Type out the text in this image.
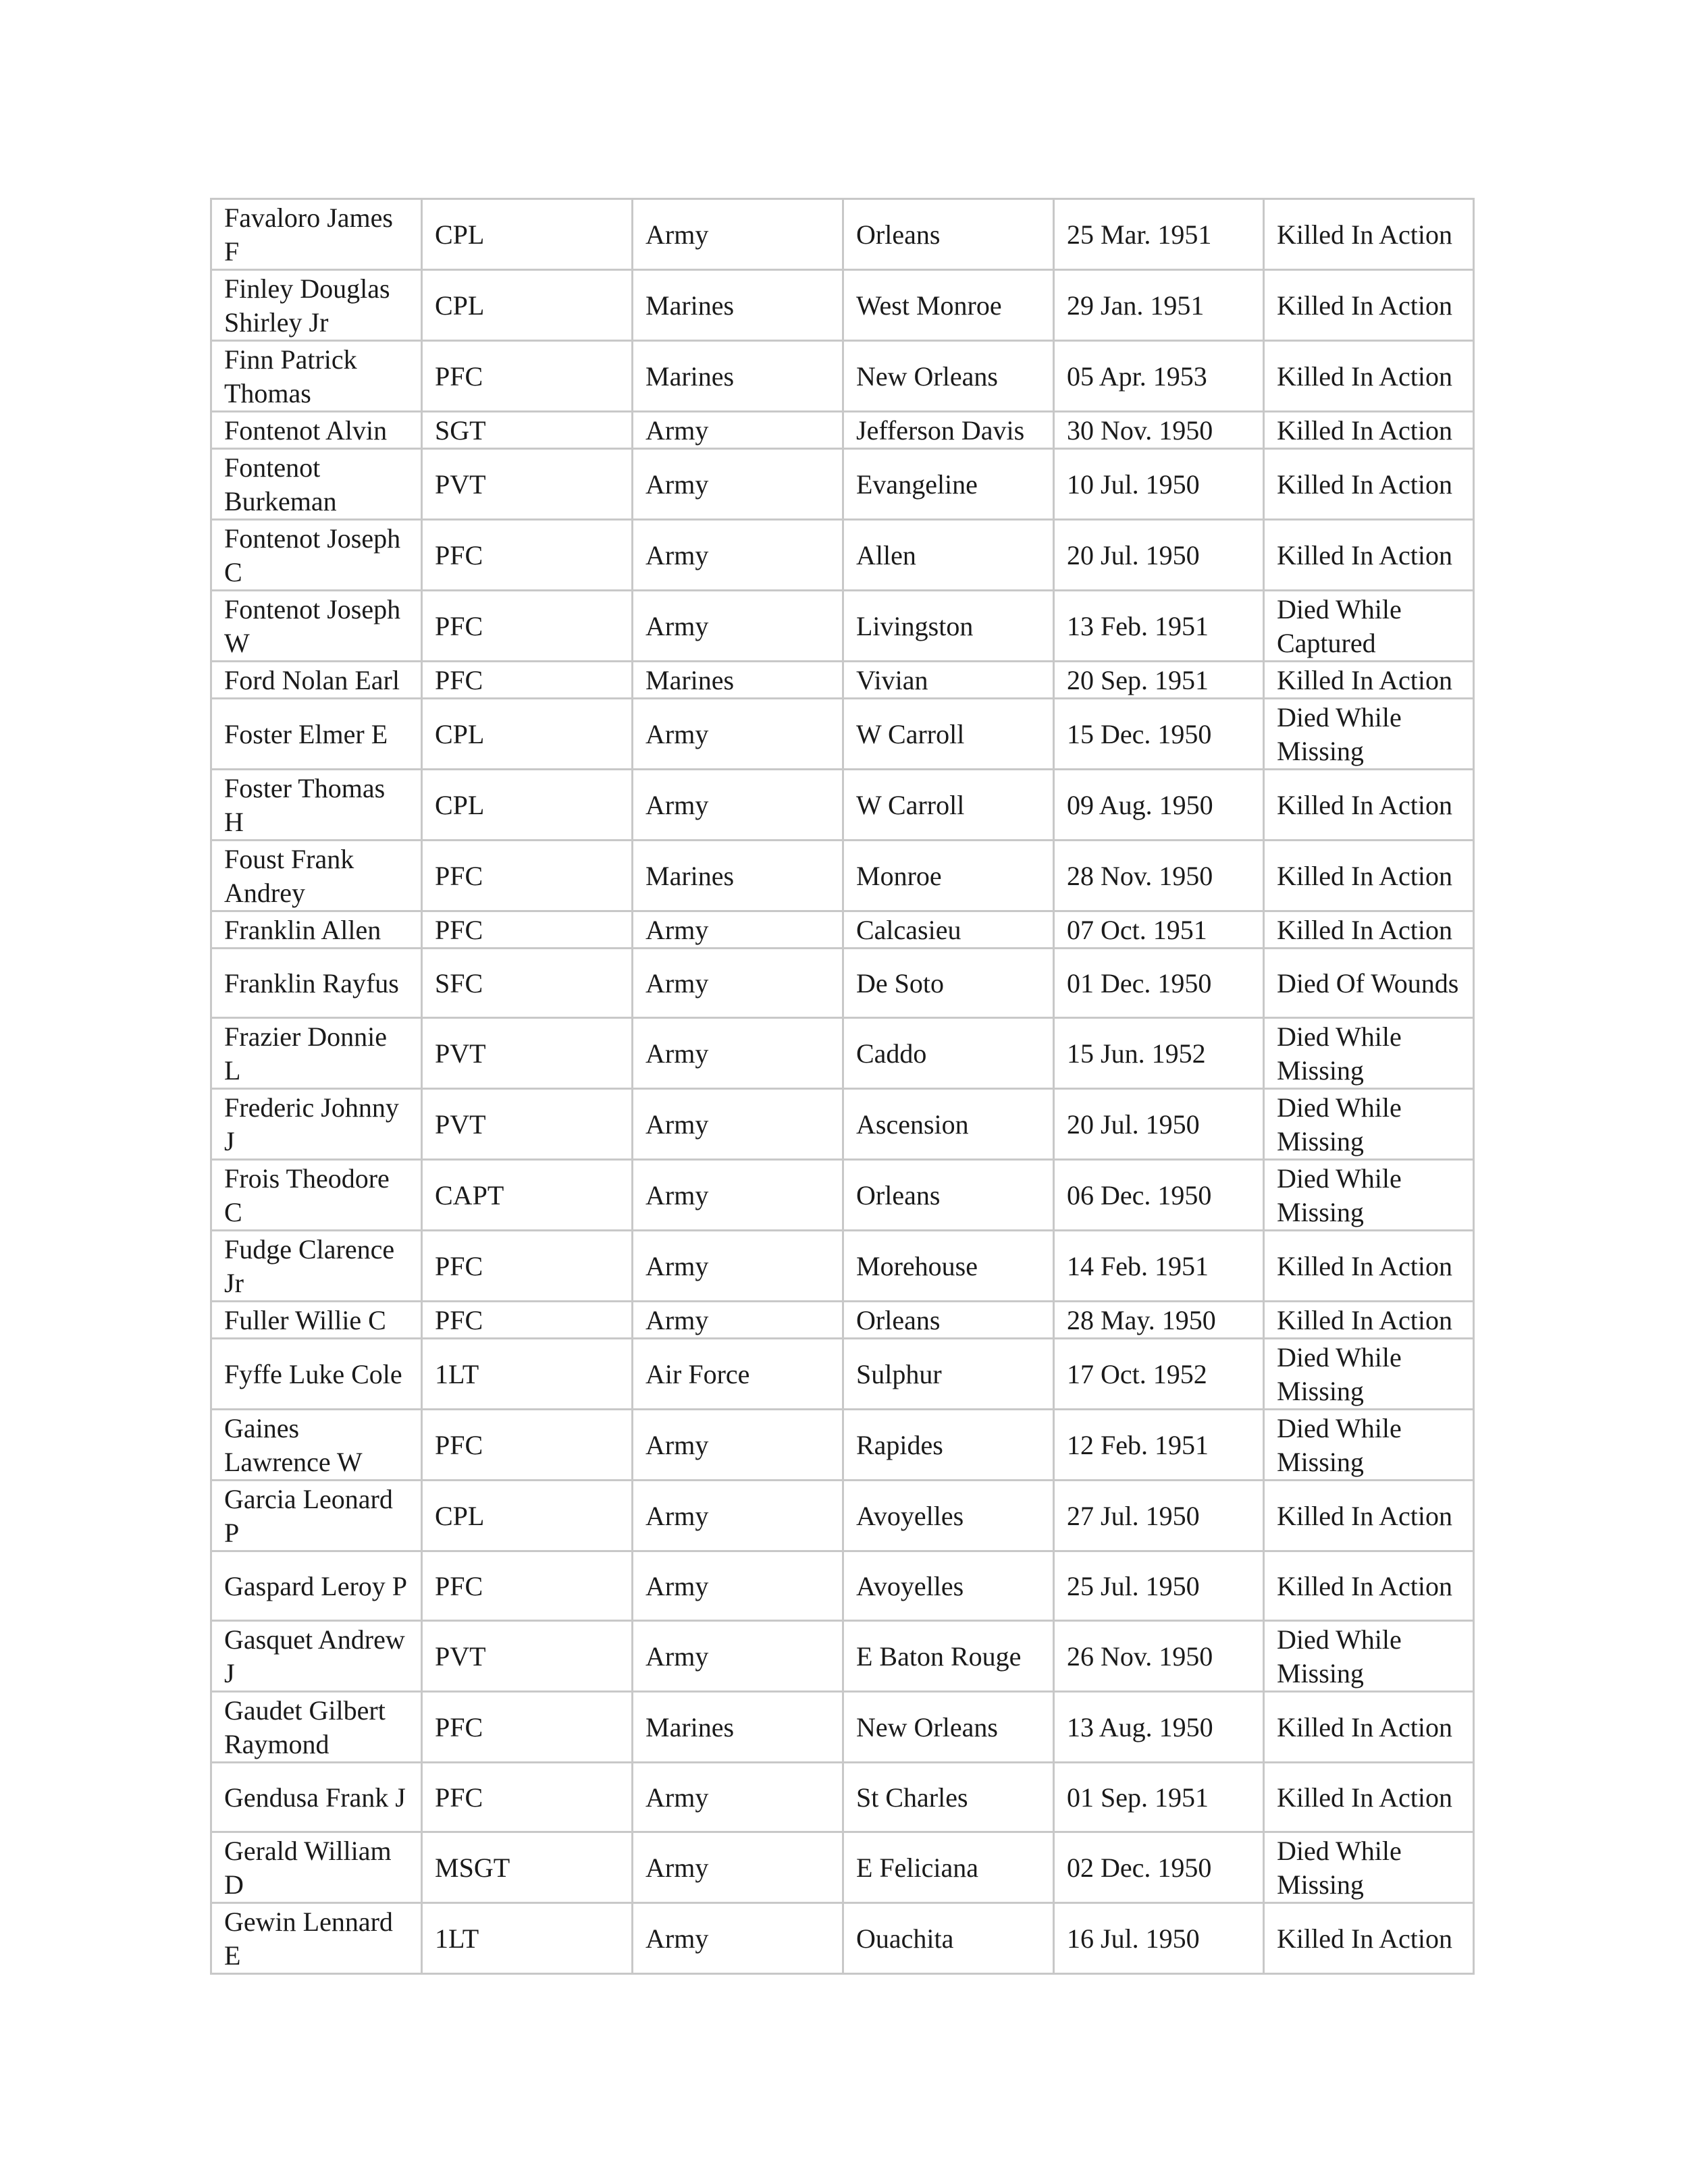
Favaloro James F	CPL	Army	Orleans	25 Mar. 1951	Killed In Action
Finley Douglas Shirley Jr	CPL	Marines	West Monroe	29 Jan. 1951	Killed In Action
Finn Patrick Thomas	PFC	Marines	New Orleans	05 Apr. 1953	Killed In Action
Fontenot Alvin	SGT	Army	Jefferson Davis	30 Nov. 1950	Killed In Action
Fontenot Burkeman	PVT	Army	Evangeline	10 Jul. 1950	Killed In Action
Fontenot Joseph C	PFC	Army	Allen	20 Jul. 1950	Killed In Action
Fontenot Joseph W	PFC	Army	Livingston	13 Feb. 1951	Died While Captured
Ford Nolan Earl	PFC	Marines	Vivian	20 Sep. 1951	Killed In Action
Foster Elmer E	CPL	Army	W Carroll	15 Dec. 1950	Died While Missing
Foster Thomas H	CPL	Army	W Carroll	09 Aug. 1950	Killed In Action
Foust Frank Andrey	PFC	Marines	Monroe	28 Nov. 1950	Killed In Action
Franklin Allen	PFC	Army	Calcasieu	07 Oct. 1951	Killed In Action
Franklin Rayfus	SFC	Army	De Soto	01 Dec. 1950	Died Of Wounds
Frazier Donnie L	PVT	Army	Caddo	15 Jun. 1952	Died While Missing
Frederic Johnny J	PVT	Army	Ascension	20 Jul. 1950	Died While Missing
Frois Theodore C	CAPT	Army	Orleans	06 Dec. 1950	Died While Missing
Fudge Clarence Jr	PFC	Army	Morehouse	14 Feb. 1951	Killed In Action
Fuller Willie C	PFC	Army	Orleans	28 May. 1950	Killed In Action
Fyffe Luke Cole	1LT	Air Force	Sulphur	17 Oct. 1952	Died While Missing
Gaines Lawrence W	PFC	Army	Rapides	12 Feb. 1951	Died While Missing
Garcia Leonard P	CPL	Army	Avoyelles	27 Jul. 1950	Killed In Action
Gaspard Leroy P	PFC	Army	Avoyelles	25 Jul. 1950	Killed In Action
Gasquet Andrew J	PVT	Army	E Baton Rouge	26 Nov. 1950	Died While Missing
Gaudet Gilbert Raymond	PFC	Marines	New Orleans	13 Aug. 1950	Killed In Action
Gendusa Frank J	PFC	Army	St Charles	01 Sep. 1951	Killed In Action
Gerald William D	MSGT	Army	E Feliciana	02 Dec. 1950	Died While Missing
Gewin Lennard E	1LT	Army	Ouachita	16 Jul. 1950	Killed In Action
